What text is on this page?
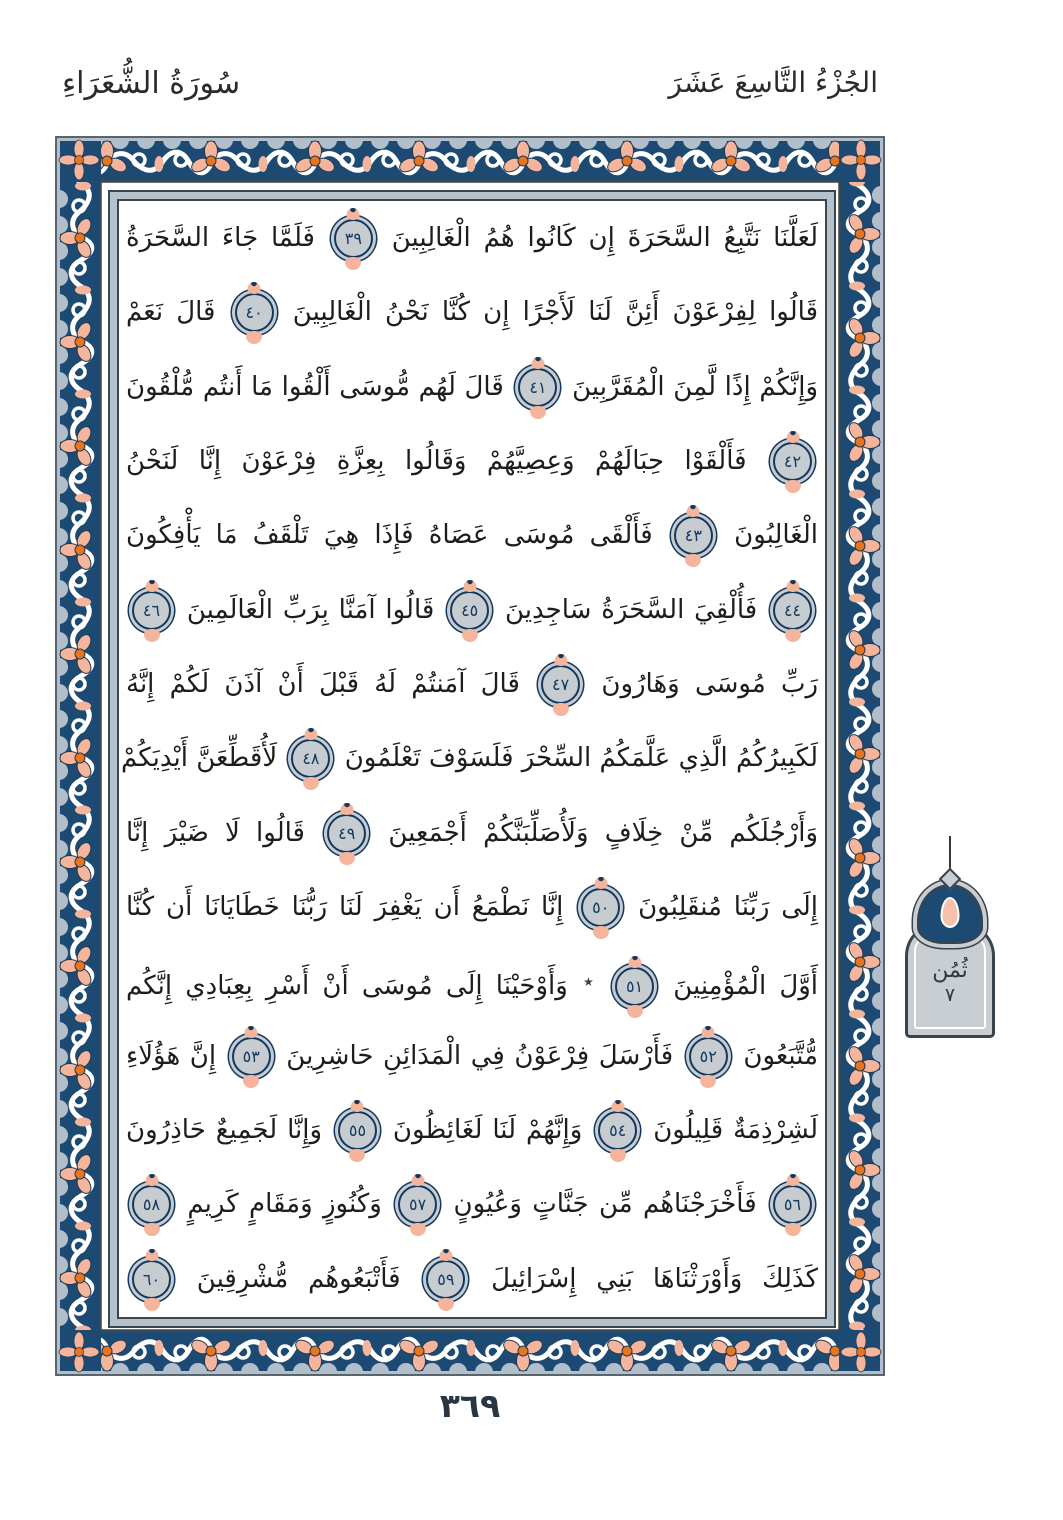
سُورَةُ الشُّعَرَاءِ	الجُزْءُ التَّاسِعَ عَشَرَ
لَعَلَّنَا نَتَّبِعُ السَّحَرَةَ إِن كَانُوا هُمُ الْغَالِبِينَ
٣٩
فَلَمَّا جَاءَ السَّحَرَةُ
قَالُوا لِفِرْعَوْنَ أَئِنَّ لَنَا لَأَجْرًا إِن كُنَّا نَحْنُ الْغَالِبِينَ
٤٠
قَالَ نَعَمْ
وَإِنَّكُمْ إِذًا لَّمِنَ الْمُقَرَّبِينَ
٤١
قَالَ لَهُم مُّوسَى أَلْقُوا مَا أَنتُم مُّلْقُونَ
٤٢
فَأَلْقَوْا حِبَالَهُمْ وَعِصِيَّهُمْ وَقَالُوا بِعِزَّةِ فِرْعَوْنَ إِنَّا لَنَحْنُ
الْغَالِبُونَ
٤٣
فَأَلْقَى مُوسَى عَصَاهُ فَإِذَا هِيَ تَلْقَفُ مَا يَأْفِكُونَ
٤٤
فَأُلْقِيَ السَّحَرَةُ سَاجِدِينَ
٤٥
قَالُوا آمَنَّا بِرَبِّ الْعَالَمِينَ
٤٦
رَبِّ مُوسَى وَهَارُونَ
٤٧
قَالَ آمَنتُمْ لَهُ قَبْلَ أَنْ آذَنَ لَكُمْ إِنَّهُ
لَكَبِيرُكُمُ الَّذِي عَلَّمَكُمُ السِّحْرَ فَلَسَوْفَ تَعْلَمُونَ
٤٨
لَأُقَطِّعَنَّ أَيْدِيَكُمْ
وَأَرْجُلَكُم مِّنْ خِلَافٍ وَلَأُصَلِّبَنَّكُمْ أَجْمَعِينَ
٤٩
قَالُوا لَا ضَيْرَ إِنَّا
إِلَى رَبِّنَا مُنقَلِبُونَ
٥٠
إِنَّا نَطْمَعُ أَن يَغْفِرَ لَنَا رَبُّنَا خَطَايَانَا أَن كُنَّا
أَوَّلَ الْمُؤْمِنِينَ
٥١
٭ وَأَوْحَيْنَا إِلَى مُوسَى أَنْ أَسْرِ بِعِبَادِي إِنَّكُم
مُّتَّبَعُونَ
٥٢
فَأَرْسَلَ فِرْعَوْنُ فِي الْمَدَائِنِ حَاشِرِينَ
٥٣
إِنَّ هَؤُلَاءِ
لَشِرْذِمَةٌ قَلِيلُونَ
٥٤
وَإِنَّهُمْ لَنَا لَغَائِظُونَ
٥٥
وَإِنَّا لَجَمِيعٌ حَاذِرُونَ
٥٦
فَأَخْرَجْنَاهُم مِّن جَنَّاتٍ وَعُيُونٍ
٥٧
وَكُنُوزٍ وَمَقَامٍ كَرِيمٍ
٥٨
كَذَلِكَ وَأَوْرَثْنَاهَا بَنِي إِسْرَائِيلَ
٥٩
فَأَتْبَعُوهُم مُّشْرِقِينَ
٦٠
ثُمُن
٧
٣٦٩
